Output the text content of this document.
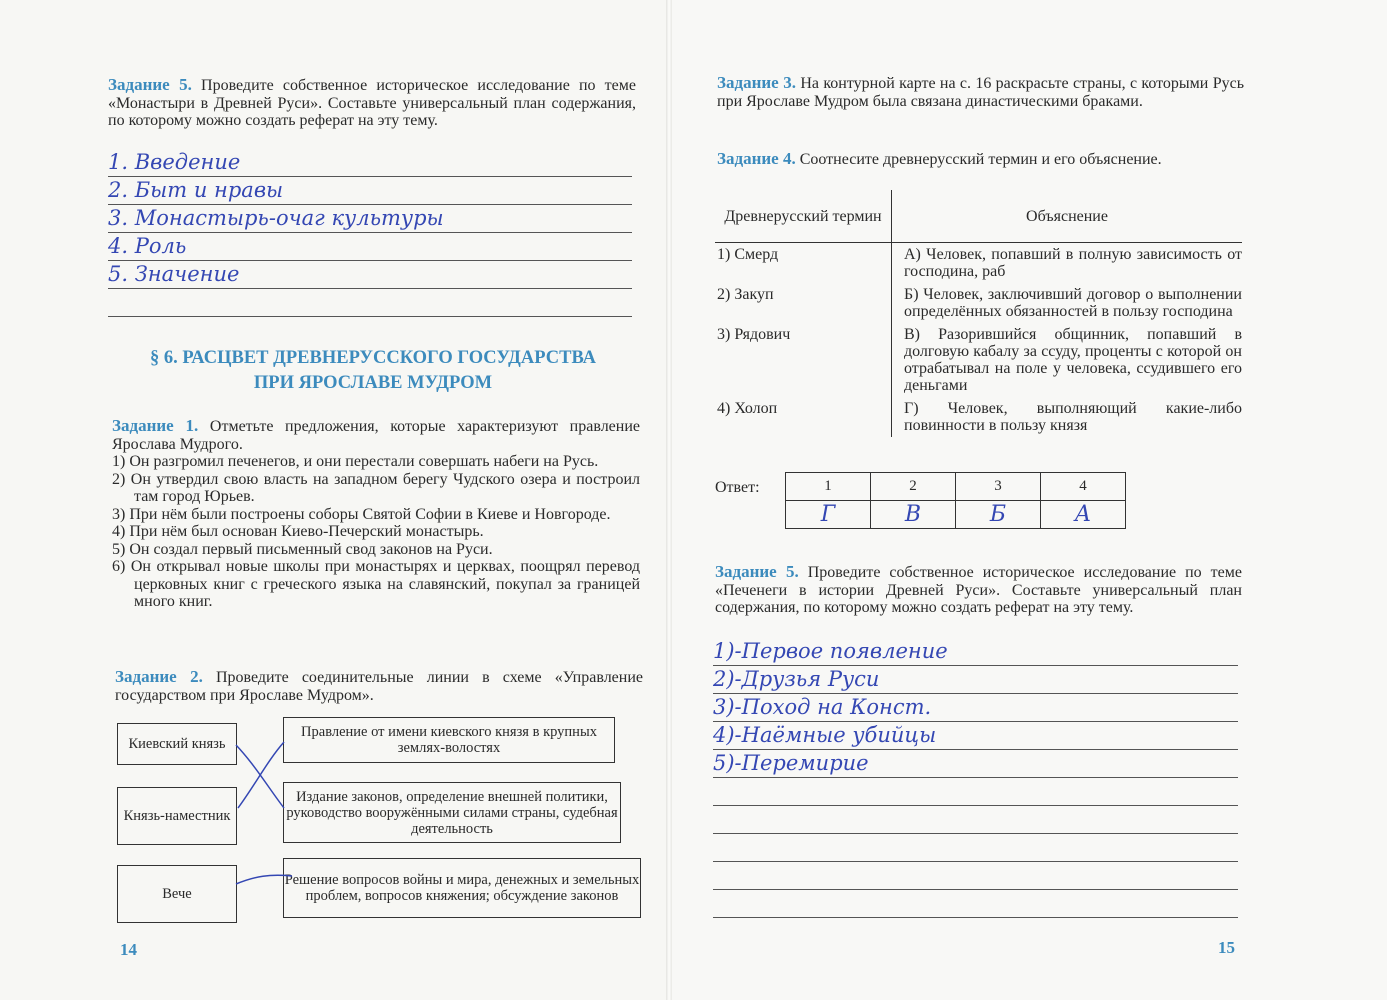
Задание 5. Проведите собственное историческое исследование по теме «Монастыри в Древней Руси». Составьте универсальный план содержания, по которому можно создать реферат на эту тему.
1. Введение
2. Быт и нравы
3. Монастырь-очаг культуры
4. Роль
5. Значение
§ 6. РАСЦВЕТ ДРЕВНЕРУССКОГО ГОСУДАРСТВА
ПРИ ЯРОСЛАВЕ МУДРОМ
Задание 1. Отметьте предложения, которые характеризуют правление Ярослава Мудрого.
1) Он разгромил печенегов, и они перестали совершать набеги на Русь.
2) Он утвердил свою власть на западном берегу Чудского озера и построил там город Юрьев.
3) При нём были построены соборы Святой Софии в Киеве и Новгороде.
4) При нём был основан Киево-Печерский монастырь.
5) Он создал первый письменный свод законов на Руси.
6) Он открывал новые школы при монастырях и церквах, поощрял перевод церковных книг с греческого языка на славянский, покупал за границей много книг.
Задание 2. Проведите соединительные линии в схеме «Управление государством при Ярославе Мудром».
Киевский князь
Князь-наместник
Вече
Правление от имени киевского князя в крупных землях-волостях
Издание законов, определение внешней политики, руководство вооружёнными силами страны, судебная деятельность
Решение вопросов войны и мира, денежных и земельных проблем, вопросов княжения; обсуждение законов
14
Задание 3. На контурной карте на с. 16 раскрасьте страны, с которыми Русь при Ярославе Мудром была связана династическими браками.
Задание 4. Соотнесите древнерусский термин и его объяснение.
Древнерусский термин	Объяснение
1) Смерд	А) Человек, попавший в полную зависимость от господина, раб
2) Закуп	Б) Человек, заключивший договор о выполнении определённых обязанностей в пользу господина
3) Рядович	В) Разорившийся общинник, попавший в долговую кабалу за ссуду, проценты с которой он отрабатывал на поле у человека, ссудившего его деньгами
4) Холоп	Г) Человек, выполняющий какие-либо повинности в пользу князя
Ответ:	1	2	3	4
Г	В	Б	А
Задание 5. Проведите собственное историческое исследование по теме «Печенеги в истории Древней Руси». Составьте универсальный план содержания, по которому можно создать реферат на эту тему.
1)-Первое появление
2)-Друзья Руси
3)-Поход на Конст.
4)-Наёмные убийцы
5)-Перемирие
15
